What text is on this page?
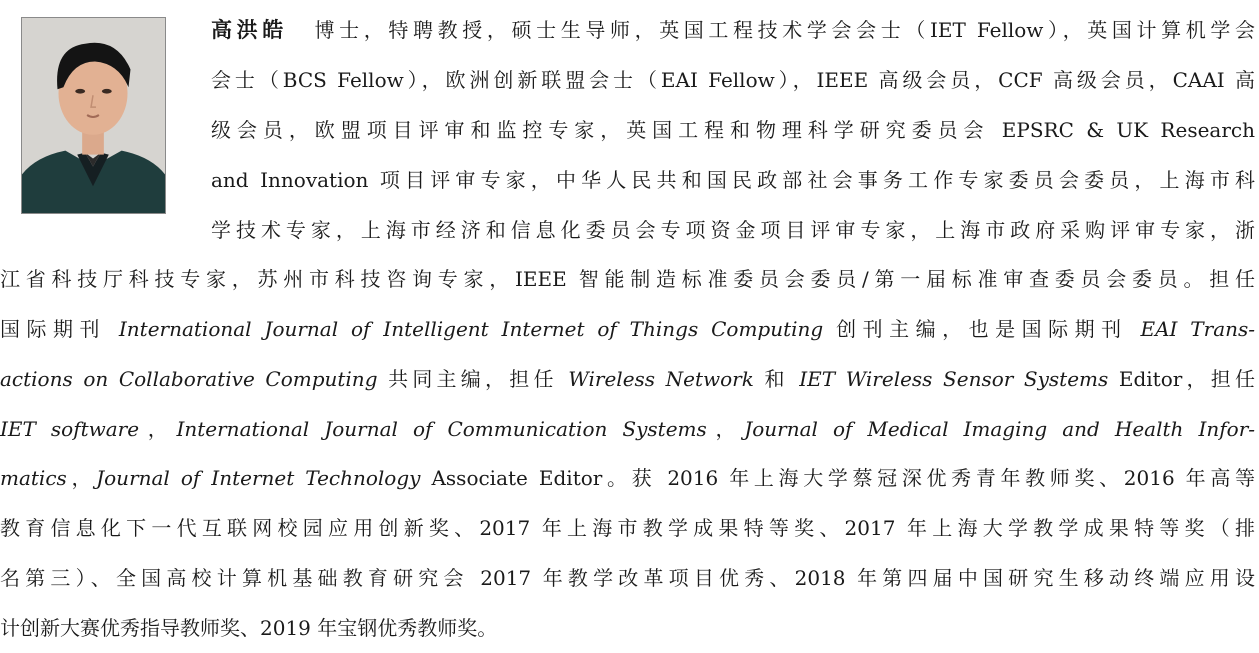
高洪皓 博士，特聘教授，硕士生导师，英国工程技术学会会士（IET Fellow），英国计算机学会
会士（BCS Fellow），欧洲创新联盟会士（EAI Fellow），IEEE 高级会员，CCF 高级会员，CAAI 高
级会员，欧盟项目评审和监控专家，英国工程和物理科学研究委员会 EPSRC & UK Research
and Innovation 项目评审专家，中华人民共和国民政部社会事务工作专家委员会委员，上海市科
学技术专家，上海市经济和信息化委员会专项资金项目评审专家，上海市政府采购评审专家，浙
江省科技厅科技专家，苏州市科技咨询专家，IEEE 智能制造标准委员会委员/第一届标准审查委员会委员。担任
国际期刊 International Journal of Intelligent Internet of Things Computing 创刊主编，也是国际期刊 EAI Trans-
actions on Collaborative Computing 共同主编，担任 Wireless Network 和 IET Wireless Sensor Systems Editor，担任
IET software，International Journal of Communication Systems，Journal of Medical Imaging and Health Infor-
matics，Journal of Internet Technology Associate Editor。获 2016 年上海大学蔡冠深优秀青年教师奖、2016 年高等
教育信息化下一代互联网校园应用创新奖、2017 年上海市教学成果特等奖、2017 年上海大学教学成果特等奖（排
名第三）、全国高校计算机基础教育研究会 2017 年教学改革项目优秀、2018 年第四届中国研究生移动终端应用设
计创新大赛优秀指导教师奖、2019 年宝钢优秀教师奖。
